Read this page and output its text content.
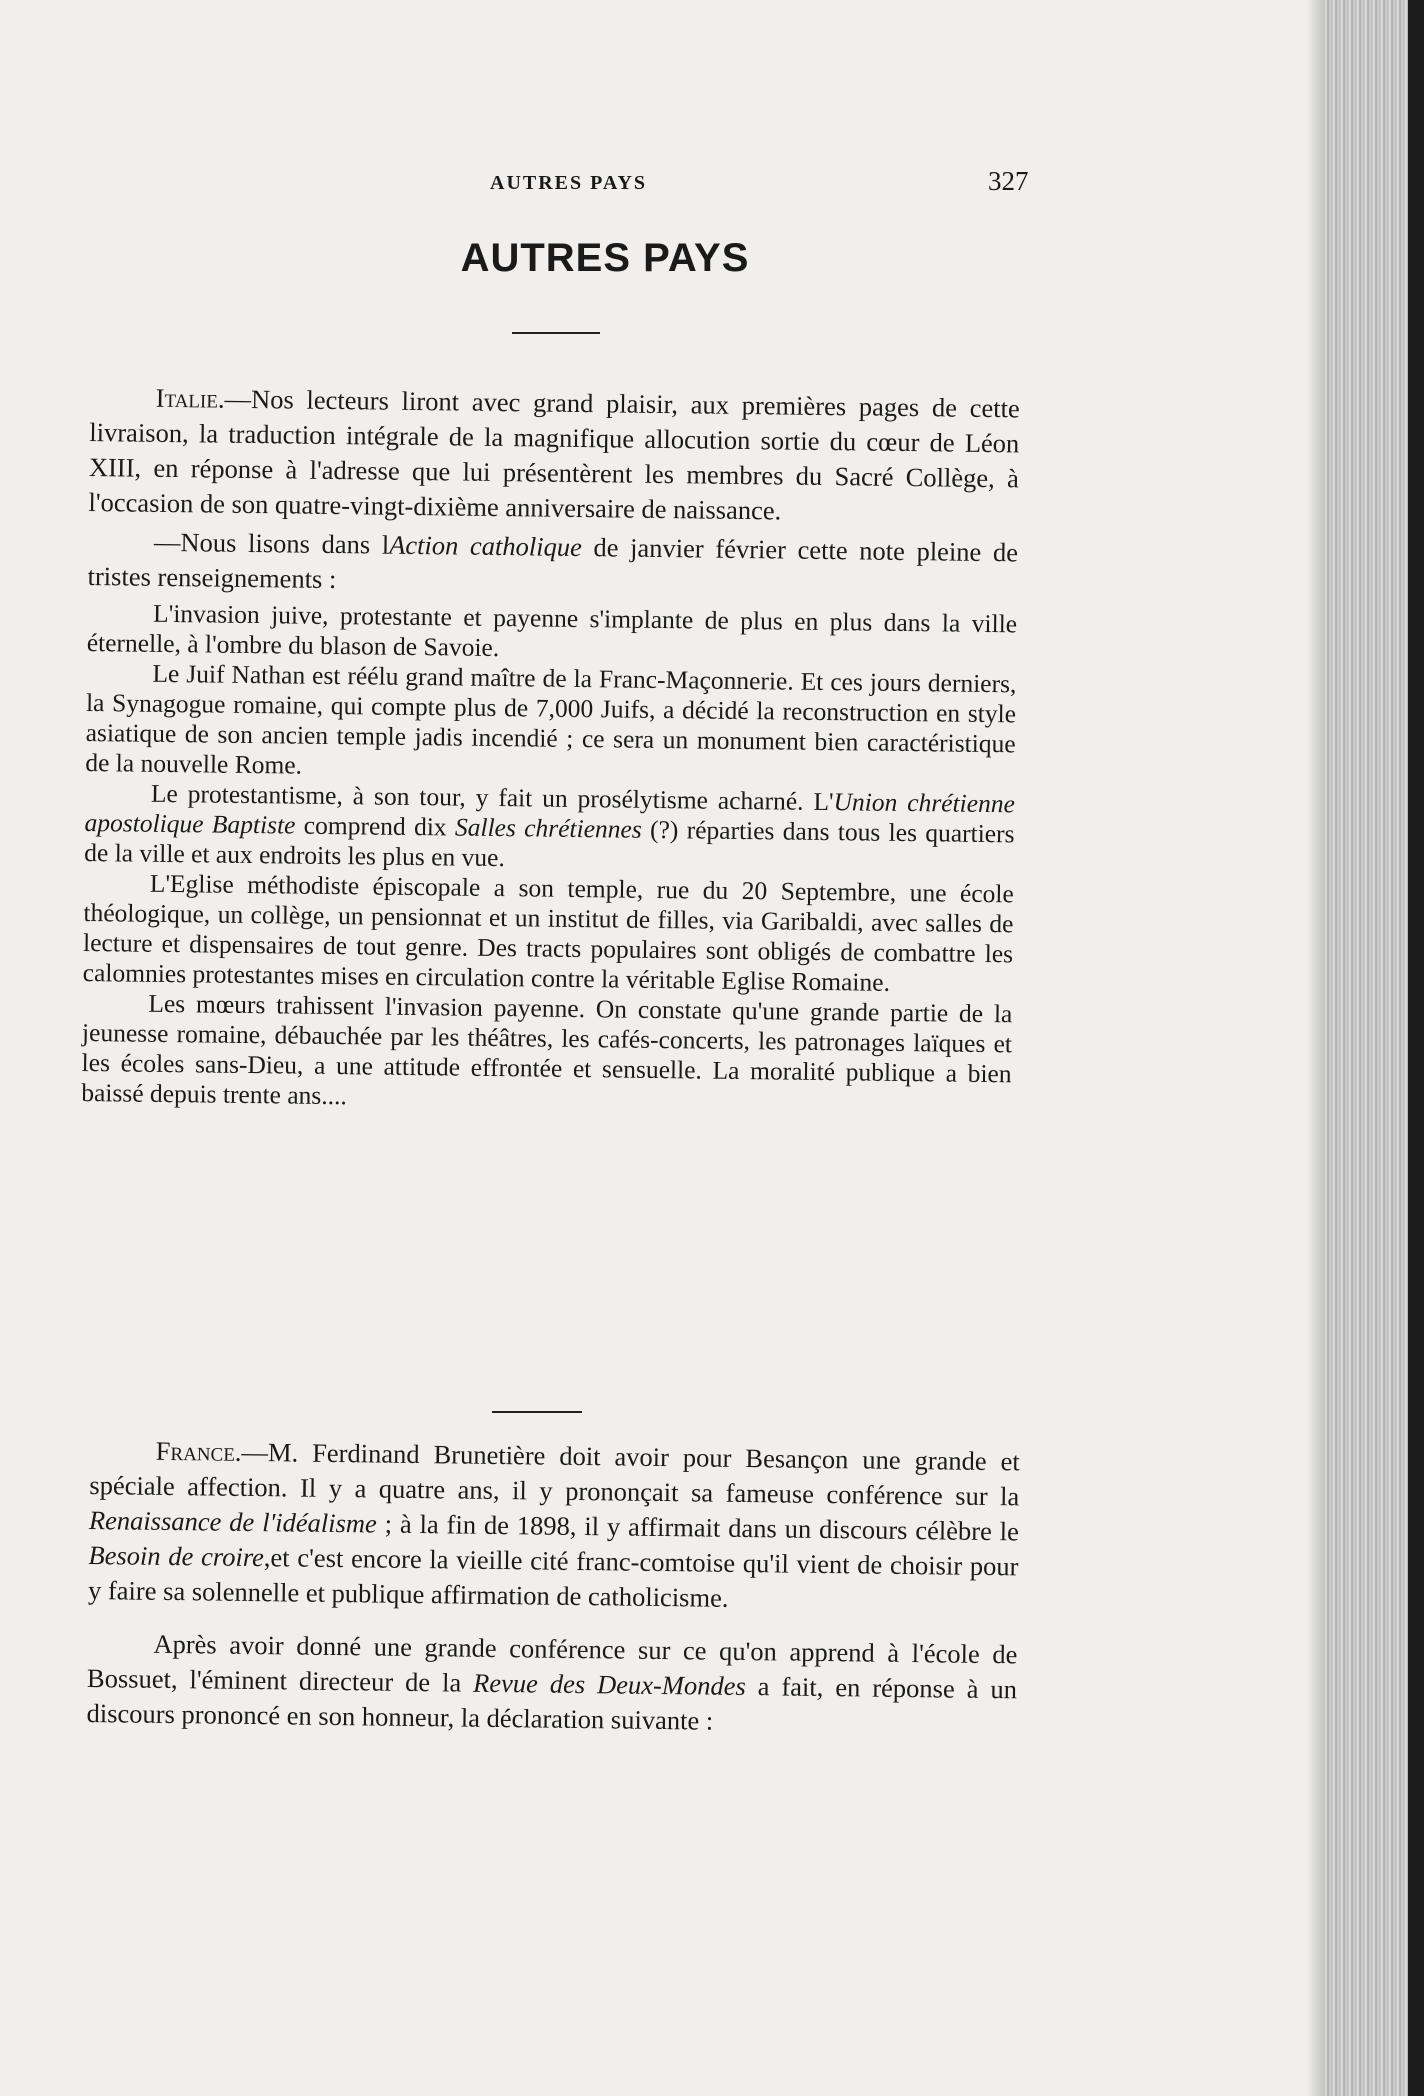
AUTRES PAYS	327
AUTRES PAYS

Italie.—Nos lecteurs liront avec grand plaisir, aux premières pages de cette livraison, la traduction intégrale de la magnifique allocution sortie du cœur de Léon XIII, en réponse à l'adresse que lui présentèrent les membres du Sacré Collège, à l'occasion de son quatre-vingt-dixième anniversaire de naissance.

—Nous lisons dans lAction catholique de janvier février cette note pleine de tristes renseignements :

L'invasion juive, protestante et payenne s'implante de plus en plus dans la ville éternelle, à l'ombre du blason de Savoie.

Le Juif Nathan est réélu grand maître de la Franc-Maçonnerie. Et ces jours derniers, la Synagogue romaine, qui compte plus de 7,000 Juifs, a décidé la reconstruction en style asiatique de son ancien temple jadis incendié ; ce sera un monument bien caractéristique de la nouvelle Rome.

Le protestantisme, à son tour, y fait un prosélytisme acharné. L'Union chrétienne apostolique Baptiste comprend dix Salles chrétiennes (?) réparties dans tous les quartiers de la ville et aux endroits les plus en vue.

L'Eglise méthodiste épiscopale a son temple, rue du 20 Septembre, une école théologique, un collège, un pensionnat et un institut de filles, via Garibaldi, avec salles de lecture et dispensaires de tout genre. Des tracts populaires sont obligés de combattre les calomnies protestantes mises en circulation contre la véritable Eglise Romaine.

Les mœurs trahissent l'invasion payenne. On constate qu'une grande partie de la jeunesse romaine, débauchée par les théâtres, les cafés-concerts, les patronages laïques et les écoles sans-Dieu, a une attitude effrontée et sensuelle. La moralité publique a bien baissé depuis trente ans....

France.—M. Ferdinand Brunetière doit avoir pour Besançon une grande et spéciale affection. Il y a quatre ans, il y prononçait sa fameuse conférence sur la Renaissance de l'idéalisme ; à la fin de 1898, il y affirmait dans un discours célèbre le Besoin de croire,et c'est encore la vieille cité franc-comtoise qu'il vient de choisir pour y faire sa solennelle et publique affirmation de catholicisme.

Après avoir donné une grande conférence sur ce qu'on apprend à l'école de Bossuet, l'éminent directeur de la Revue des Deux-Mondes a fait, en réponse à un discours prononcé en son honneur, la déclaration suivante :
